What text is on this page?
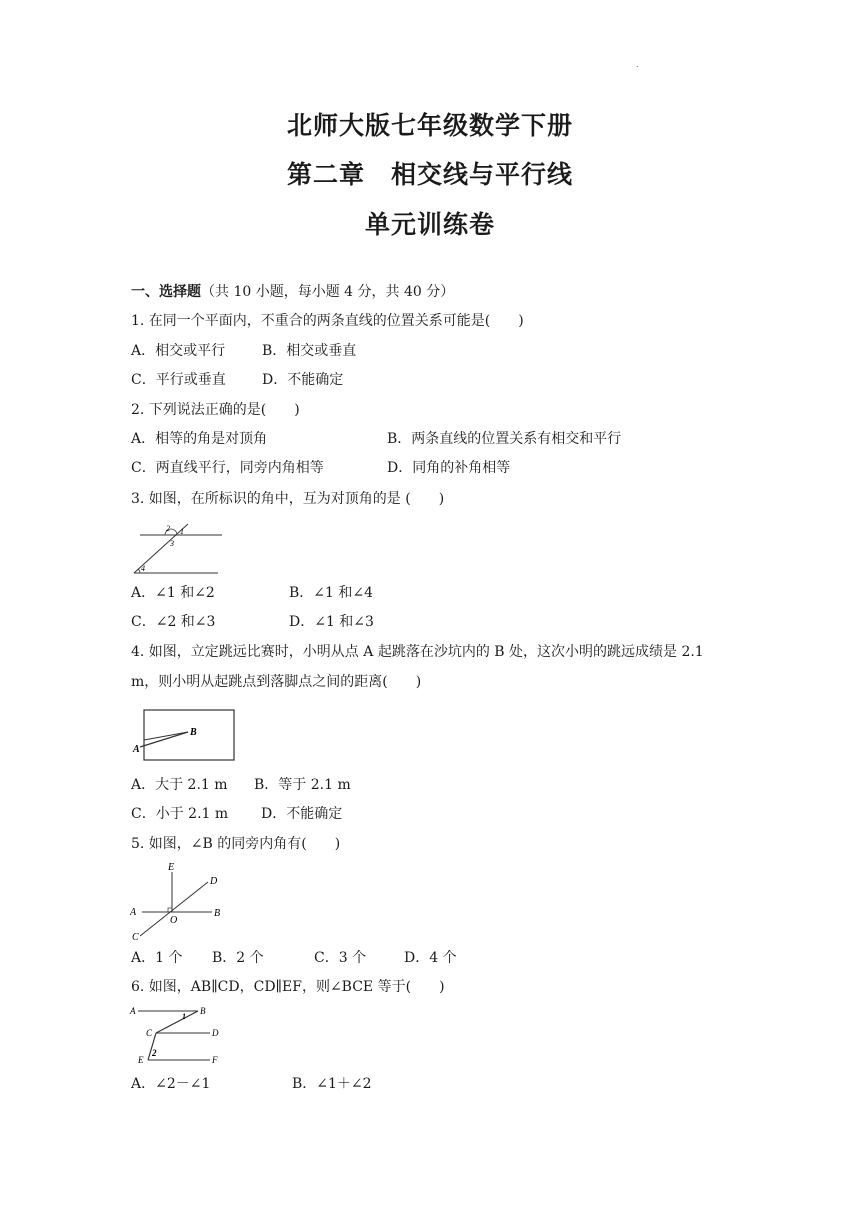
.
北师大版七年级数学下册
第二章　相交线与平行线
单元训练卷
一、选择题（共 10 小题，每小题 4 分，共 40 分）
1. 在同一个平面内，不重合的两条直线的位置关系可能是(　　)
A．相交或平行	B．相交或垂直
C．平行或垂直	D．不能确定
2. 下列说法正确的是(　　)
A．相等的角是对顶角	B．两条直线的位置关系有相交和平行
C．两直线平行，同旁内角相等	D．同角的补角相等
3. 如图，在所标识的角中，互为对顶角的是 (　　)
2 1
3
4
A．∠1 和∠2	B．∠1 和∠4
C．∠2 和∠3	D．∠1 和∠3
4. 如图，立定跳远比赛时，小明从点 A 起跳落在沙坑内的 B 处，这次小明的跳远成绩是 2.1
m，则小明从起跳点到落脚点之间的距离(　　)
A
B
A．大于 2.1 m B．等于 2.1 m
C．小于 2.1 m D．不能确定
5. 如图，∠B 的同旁内角有(　　)
E
D
A
O
B
C
A．1 个 B．2 个	C．3 个	D．4 个
6. 如图，AB∥CD，CD∥EF，则∠BCE 等于(　　)
A
1
B
C	D
E
2
F
A．∠2－∠1	B．∠1＋∠2
